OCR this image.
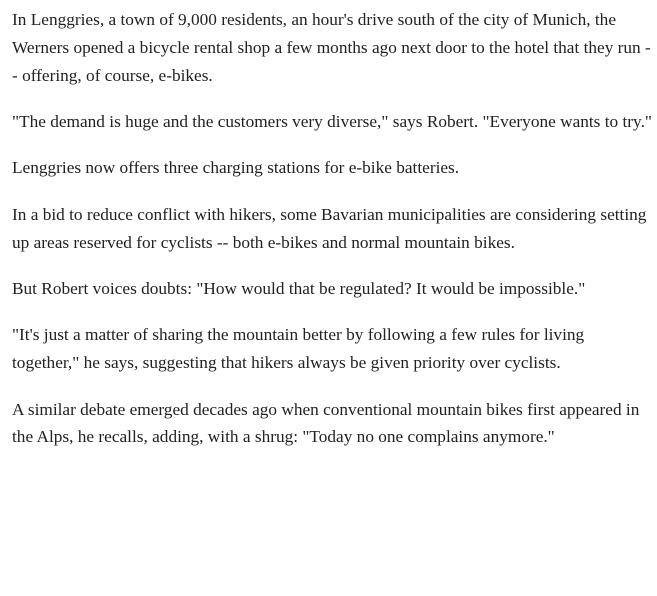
In Lenggries, a town of 9,000 residents, an hour's drive south of the city of Munich, the Werners opened a bicycle rental shop a few months ago next door to the hotel that they run -- offering, of course, e-bikes.

"The demand is huge and the customers very diverse," says Robert. "Everyone wants to try."

Lenggries now offers three charging stations for e-bike batteries.

In a bid to reduce conflict with hikers, some Bavarian municipalities are considering setting up areas reserved for cyclists -- both e-bikes and normal mountain bikes.

But Robert voices doubts: "How would that be regulated? It would be impossible."

"It's just a matter of sharing the mountain better by following a few rules for living together," he says, suggesting that hikers always be given priority over cyclists.

A similar debate emerged decades ago when conventional mountain bikes first appeared in the Alps, he recalls, adding, with a shrug: "Today no one complains anymore."
